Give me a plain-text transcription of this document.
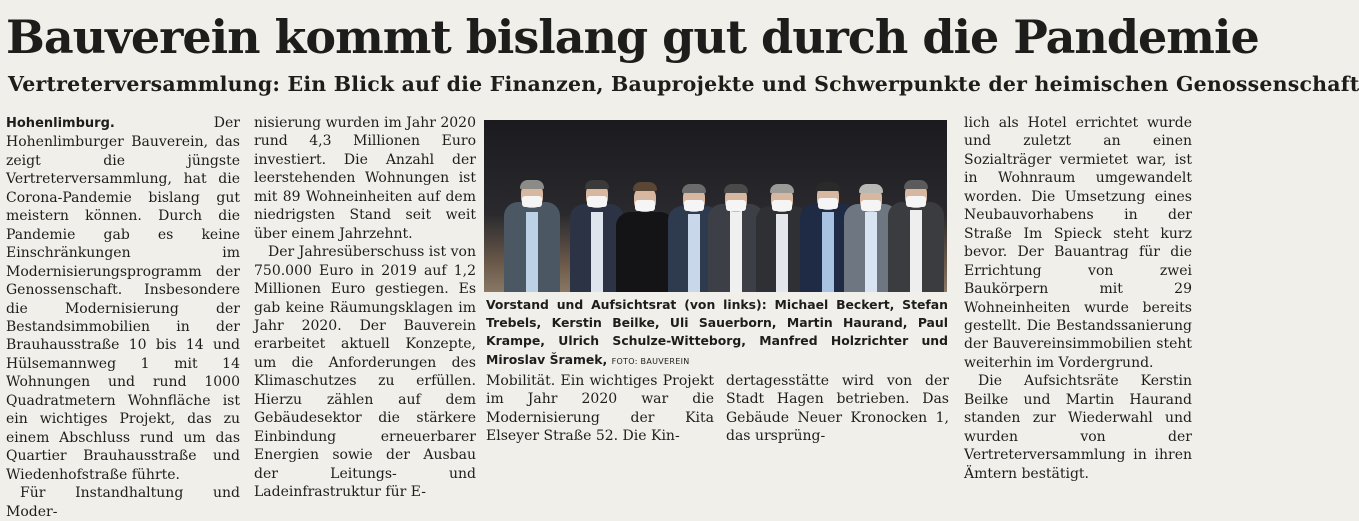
Bauverein kommt bislang gut durch die Pandemie
Vertreterversammlung: Ein Blick auf die Finanzen, Bauprojekte und Schwerpunkte der heimischen Genossenschaft

Hohenlimburg. Der Hohenlimburger Bauverein, das zeigt die jüngste Vertreterversammlung, hat die Corona-Pandemie bislang gut meistern können. Durch die Pandemie gab es keine Einschränkungen im Modernisierungsprogramm der Genossenschaft. Insbesondere die Modernisierung der Bestandsimmobilien in der Brauhausstraße 10 bis 14 und Hülsemannweg 1 mit 14 Wohnungen und rund 1000 Quadratmetern Wohnfläche ist ein wichtiges Projekt, das zu einem Abschluss rund um das Quartier Brauhausstraße und Wiedenhofstraße führte.

Für Instandhaltung und Moder-

nisierung wurden im Jahr 2020 rund 4,3 Millionen Euro investiert. Die Anzahl der leerstehenden Wohnungen ist mit 89 Wohneinheiten auf dem niedrigsten Stand seit weit über einem Jahrzehnt.

Der Jahresüberschuss ist von 750.000 Euro in 2019 auf 1,2 Millionen Euro gestiegen. Es gab keine Räumungsklagen im Jahr 2020. Der Bauverein erarbeitet aktuell Konzepte, um die Anforderungen des Klimaschutzes zu erfüllen. Hierzu zählen auf dem Gebäudesektor die stärkere Einbindung erneuerbarer Energien sowie der Ausbau der Leitungs- und Ladeinfrastruktur für E-

Vorstand und Aufsichtsrat (von links): Michael Beckert, Stefan Trebels, Kerstin Beilke, Uli Sauerborn, Martin Haurand, Paul Krampe, Ulrich Schulze-Witteborg, Manfred Holzrichter und Miroslav Šramek, FOTO: BAUVEREIN

Mobilität. Ein wichtiges Projekt im Jahr 2020 war die Modernisierung der Kita Elseyer Straße 52. Die Kin-

dertagesstätte wird von der Stadt Hagen betrieben. Das Gebäude Neuer Kronocken 1, das ursprüng-

lich als Hotel errichtet wurde und zuletzt an einen Sozialträger vermietet war, ist in Wohnraum umgewandelt worden. Die Umsetzung eines Neubauvorhabens in der Straße Im Spieck steht kurz bevor. Der Bauantrag für die Errichtung von zwei Baukörpern mit 29 Wohneinheiten wurde bereits gestellt. Die Bestandssanierung der Bauvereinsimmobilien steht weiterhin im Vordergrund.

Die Aufsichtsräte Kerstin Beilke und Martin Haurand standen zur Wiederwahl und wurden von der Vertreterversammlung in ihren Ämtern bestätigt.
